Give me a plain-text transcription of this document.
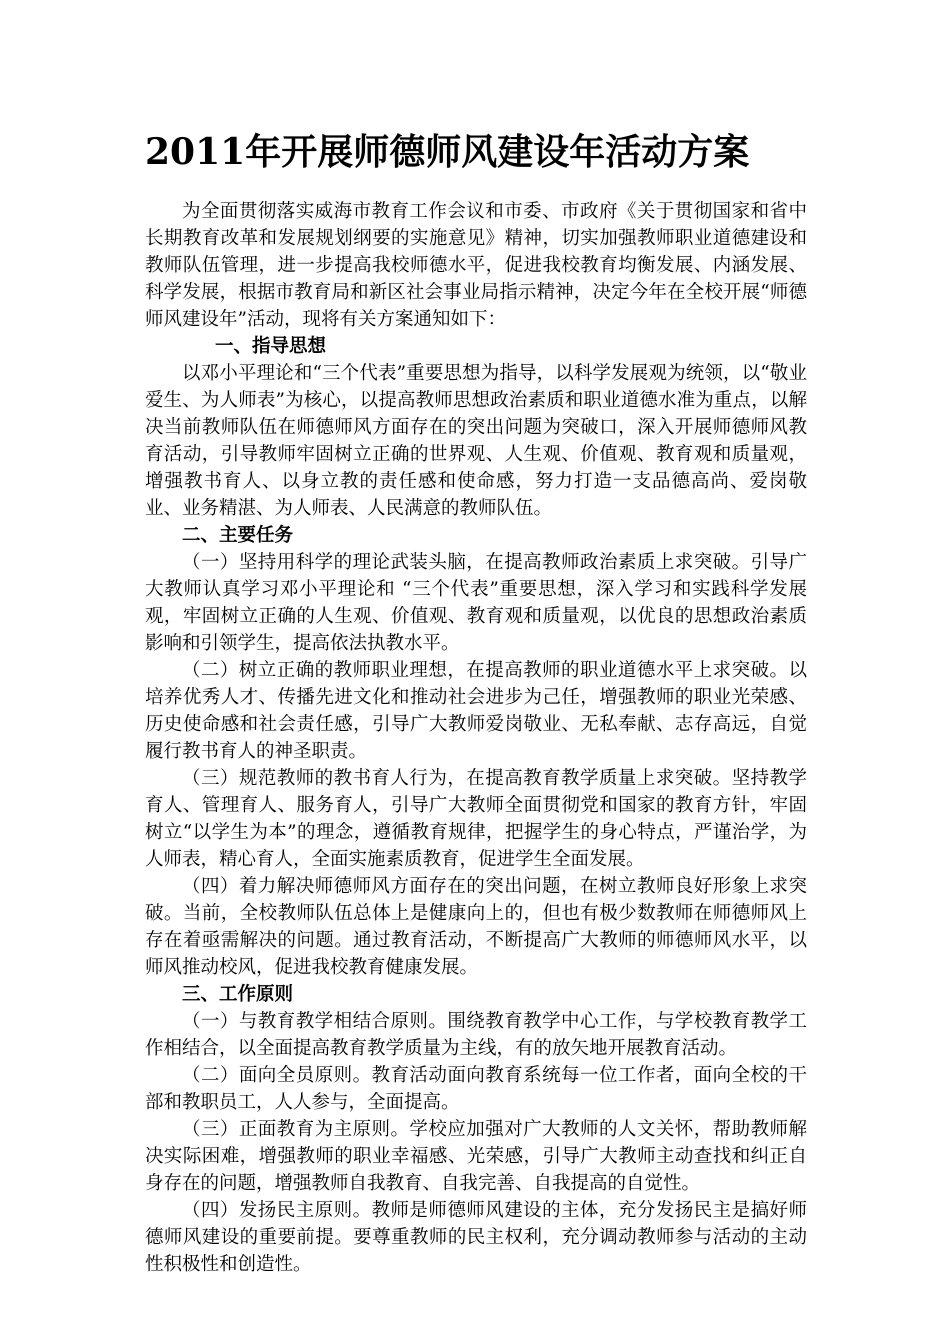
2011年开展师德师风建设年活动方案

为全面贯彻落实威海市教育工作会议和市委、市政府《关于贯彻国家和省中长期教育改革和发展规划纲要的实施意见》精神，切实加强教师职业道德建设和教师队伍管理，进一步提高我校师德水平，促进我校教育均衡发展、内涵发展、科学发展，根据市教育局和新区社会事业局指示精神，决定今年在全校开展“师德师风建设年”活动，现将有关方案通知如下：

一、指导思想

以邓小平理论和“三个代表”重要思想为指导，以科学发展观为统领，以“敬业爱生、为人师表”为核心，以提高教师思想政治素质和职业道德水准为重点，以解决当前教师队伍在师德师风方面存在的突出问题为突破口，深入开展师德师风教育活动，引导教师牢固树立正确的世界观、人生观、价值观、教育观和质量观，增强教书育人、以身立教的责任感和使命感，努力打造一支品德高尚、爱岗敬业、业务精湛、为人师表、人民满意的教师队伍。

二、主要任务

（一）坚持用科学的理论武装头脑，在提高教师政治素质上求突破。引导广大教师认真学习邓小平理论和 “三个代表”重要思想，深入学习和实践科学发展观，牢固树立正确的人生观、价值观、教育观和质量观，以优良的思想政治素质影响和引领学生，提高依法执教水平。

（二）树立正确的教师职业理想，在提高教师的职业道德水平上求突破。以培养优秀人才、传播先进文化和推动社会进步为己任，增强教师的职业光荣感、历史使命感和社会责任感，引导广大教师爱岗敬业、无私奉献、志存高远，自觉履行教书育人的神圣职责。

（三）规范教师的教书育人行为，在提高教育教学质量上求突破。坚持教学育人、管理育人、服务育人，引导广大教师全面贯彻党和国家的教育方针，牢固树立“以学生为本”的理念，遵循教育规律，把握学生的身心特点，严谨治学，为人师表，精心育人，全面实施素质教育，促进学生全面发展。

（四）着力解决师德师风方面存在的突出问题，在树立教师良好形象上求突破。当前，全校教师队伍总体上是健康向上的，但也有极少数教师在师德师风上存在着亟需解决的问题。通过教育活动，不断提高广大教师的师德师风水平，以师风推动校风，促进我校教育健康发展。

三、工作原则

（一）与教育教学相结合原则。围绕教育教学中心工作，与学校教育教学工作相结合，以全面提高教育教学质量为主线，有的放矢地开展教育活动。

（二）面向全员原则。教育活动面向教育系统每一位工作者，面向全校的干部和教职员工，人人参与，全面提高。

（三）正面教育为主原则。学校应加强对广大教师的人文关怀，帮助教师解决实际困难，增强教师的职业幸福感、光荣感，引导广大教师主动查找和纠正自身存在的问题，增强教师自我教育、自我完善、自我提高的自觉性。

（四）发扬民主原则。教师是师德师风建设的主体，充分发扬民主是搞好师德师风建设的重要前提。要尊重教师的民主权利，充分调动教师参与活动的主动性积极性和创造性。
